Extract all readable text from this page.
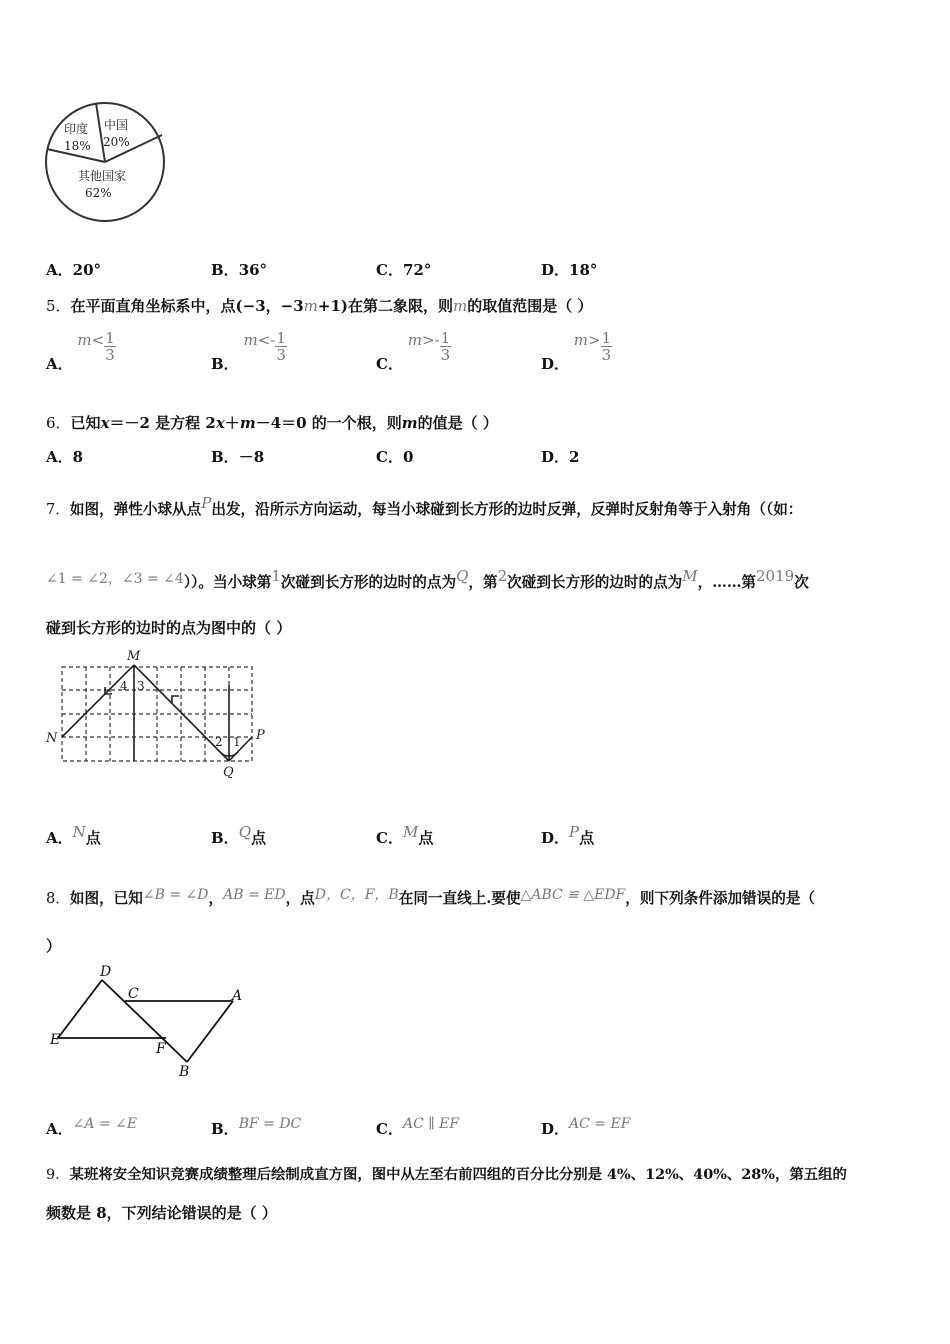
印度
18%
中国
20%
其他国家
62%
A．20°	B．36°	C．72°	D．18°
5．在平面直角坐标系中，点(−3，−3m+1)在第二象限，则m的取值范围是（ ）
A． $m< \frac{1}{3}$
B． $m<- \frac{1}{3}$
C． $m>- \frac{1}{3}$
D． $m> \frac{1}{3}$
6．已知x＝－2 是方程 2x＋m－4＝0 的一个根，则m的值是（ ）
A．8	B．－8	C．0	D．2
7．如图，弹性小球从点P出发，沿所示方向运动，每当小球碰到长方形的边时反弹，反弹时反射角等于入射角（（如：
∠1 = ∠2，∠3 = ∠4））。当小球第1次碰到长方形的边时的点为Q，第2次碰到长方形的边时的点为M，……第2019次
碰到长方形的边时的点为图中的（ ）
M
N	P
Q
4 3
2 1
A．N点	B．Q点	C．M点	D．P点
8．如图，已知∠B = ∠D，AB = ED，点D，C，F，B在同一直线上.要使△ABC ≌ △EDF，则下列条件添加错误的是（
）
D
C	A
E
F
B
A．∠A = ∠E	B．BF = DC	C．AC ∥ EF	D．AC = EF
9．某班将安全知识竞赛成绩整理后绘制成直方图，图中从左至右前四组的百分比分别是 4%、12%、40%、28%，第五组的
频数是 8，下列结论错误的是（ ）
